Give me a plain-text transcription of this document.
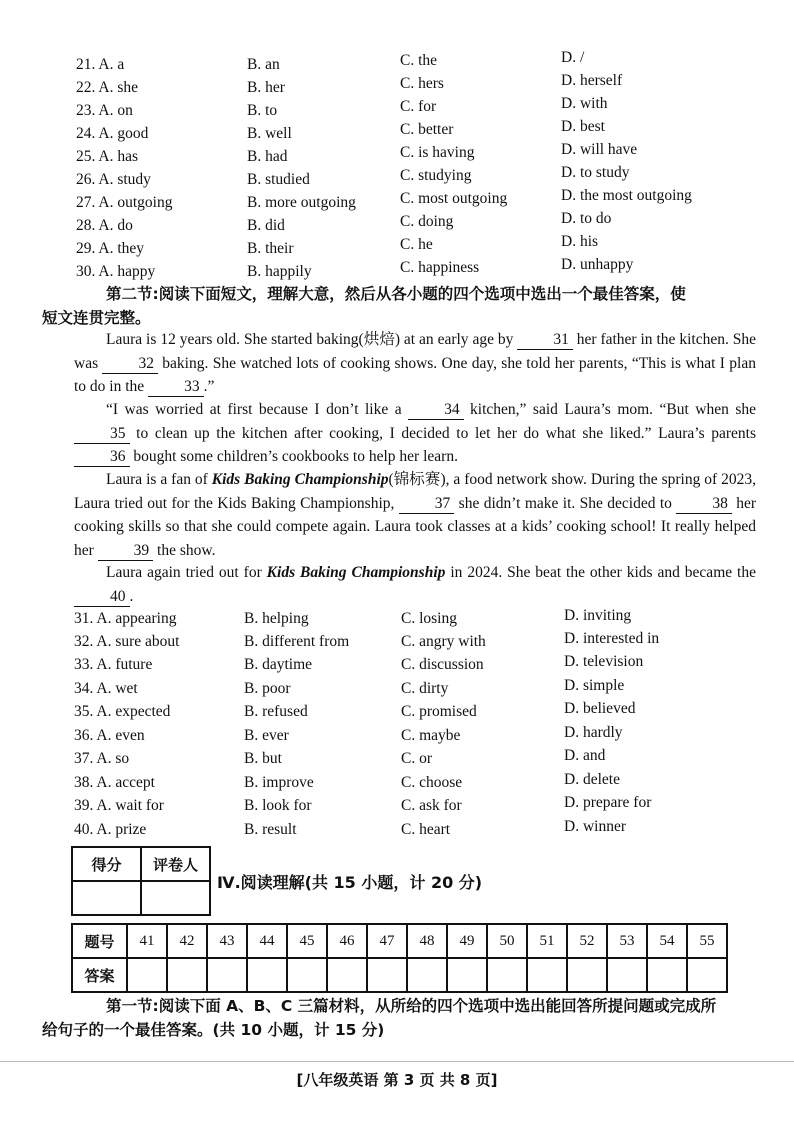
21. A. a	B. an	C. the	D. /
22. A. she	B. her	C. hers	D. herself
23. A. on	B. to	C. for	D. with
24. A. good	B. well	C. better	D. best
25. A. has	B. had	C. is having	D. will have
26. A. study	B. studied	C. studying	D. to study
27. A. outgoing	B. more outgoing	C. most outgoing	D. the most outgoing
28. A. do	B. did	C. doing	D. to do
29. A. they	B. their	C. he	D. his
30. A. happy	B. happily	C. happiness	D. unhappy
第二节:阅读下面短文，理解大意，然后从各小题的四个选项中选出一个最佳答案，使
短文连贯完整。
Laura is 12 years old. She started baking(烘焙) at an early age by 31 her father in the kitchen. She was 32 baking. She watched lots of cooking shows. One day, she told her parents, “This is what I plan to do in the 33 .”
“I was worried at first because I don’t like a 34 kitchen,” said Laura’s mom. “But when she 35 to clean up the kitchen after cooking, I decided to let her do what she liked.” Laura’s parents 36 bought some children’s cookbooks to help her learn.
Laura is a fan of Kids Baking Championship(锦标赛), a food network show. During the spring of 2023, Laura tried out for the Kids Baking Championship, 37 she didn’t make it. She decided to 38 her cooking skills so that she could compete again. Laura took classes at a kids’ cooking school! It really helped her 39 the show.
Laura again tried out for Kids Baking Championship in 2024. She beat the other kids and became the 40 .
31. A. appearing	B. helping	C. losing	D. inviting
32. A. sure about	B. different from	C. angry with	D. interested in
33. A. future	B. daytime	C. discussion	D. television
34. A. wet	B. poor	C. dirty	D. simple
35. A. expected	B. refused	C. promised	D. believed
36. A. even	B. ever	C. maybe	D. hardly
37. A. so	B. but	C. or	D. and
38. A. accept	B. improve	C. choose	D. delete
39. A. wait for	B. look for	C. ask for	D. prepare for
40. A. prize	B. result	C. heart	D. winner
得分	评卷人

Ⅳ.阅读理解(共 15 小题，计 20 分)
题号	41	42	43	44	45	46	47	48	49	50	51	52	53	54	55
答案															
第一节:阅读下面 A、B、C 三篇材料，从所给的四个选项中选出能回答所提问题或完成所
给句子的一个最佳答案。(共 10 小题，计 15 分)
[八年级英语 第 3 页 共 8 页]
